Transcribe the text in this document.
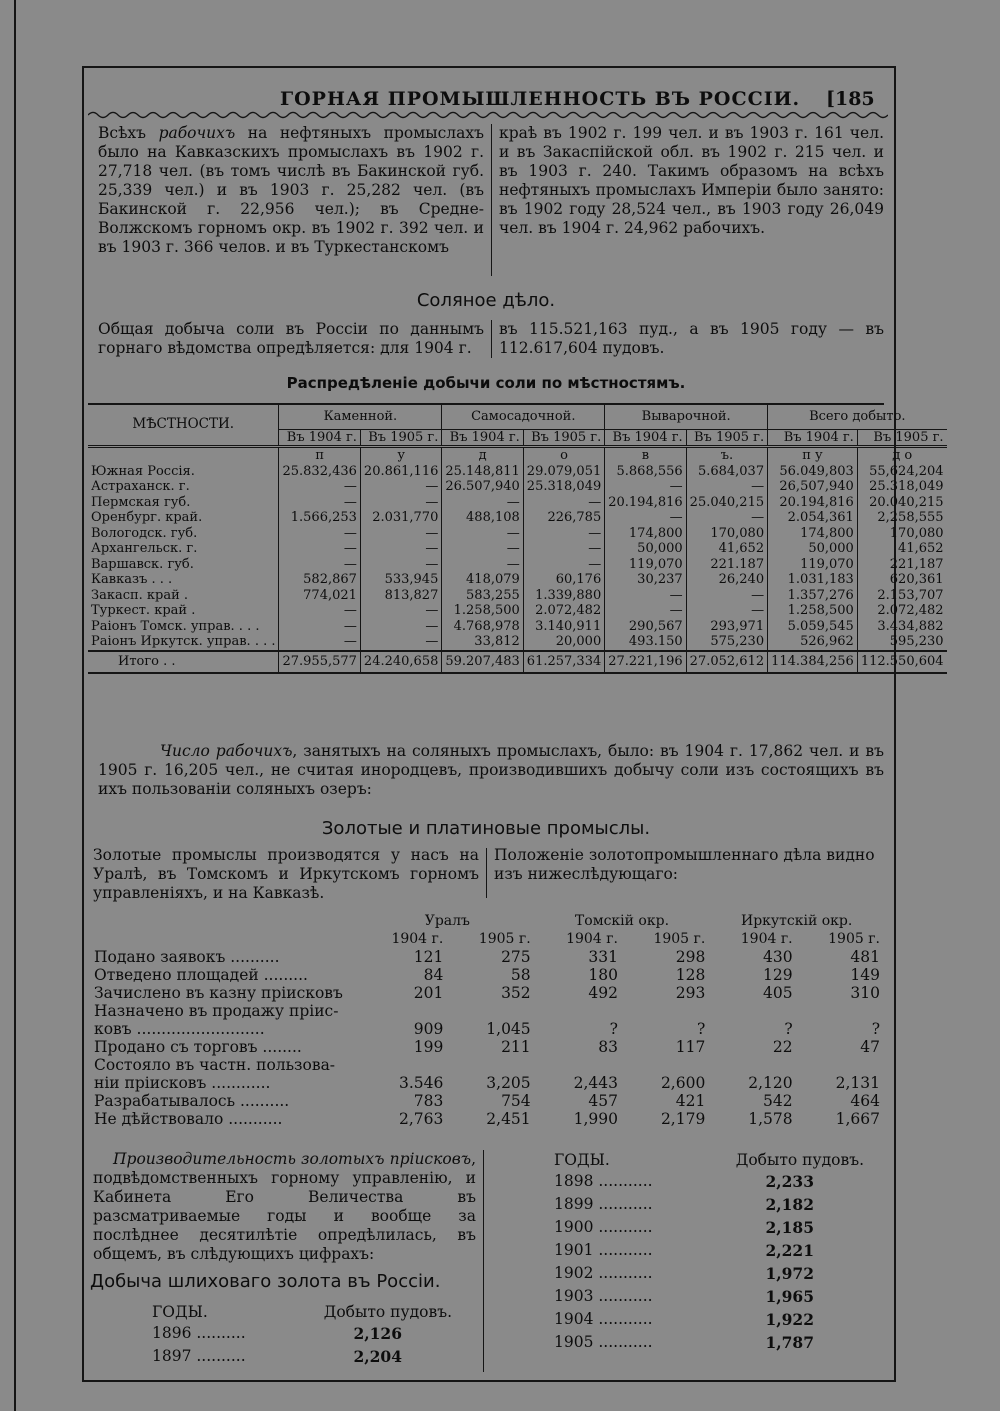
ГОРНАЯ ПРОМЫШЛЕННОСТЬ ВЪ РОССІИ. [185

Всѣхъ рабочихъ на нефтяныхъ промыслахъ было на Кавказскихъ промыслахъ въ 1902 г. 27,718 чел. (въ томъ числѣ въ Бакинской губ. 25,339 чел.) и въ 1903 г. 25,282 чел. (въ Бакинской г. 22,956 чел.); въ Средне-Волжскомъ горномъ окр. въ 1902 г. 392 чел. и въ 1903 г. 366 челов. и въ Туркестанскомъ

краѣ въ 1902 г. 199 чел. и въ 1903 г. 161 чел. и въ Закаспійской обл. въ 1902 г. 215 чел. и въ 1903 г. 240. Такимъ образомъ на всѣхъ нефтяныхъ промыслахъ Имперіи было занято: въ 1902 году 28,524 чел., въ 1903 году 26,049 чел. въ 1904 г. 24,962 рабочихъ.

Соляное дѣло.

Общая добыча соли въ Россіи по даннымъ горнаго вѣдомства опредѣляется: для 1904 г.

въ 115.521,163 пуд., а въ 1905 году — въ 112.617,604 пудовъ.

Распредѣленіе добычи соли по мѣстностямъ.
МѢСТНОСТИ.	Каменной.		Самосадочной.		Выварочной.		Всего добыто.	
	Въ 1904 г.	Въ 1905 г.	Въ 1904 г.	Въ 1905 г.	Въ 1904 г.	Въ 1905 г.	Въ 1904 г.	Въ 1905 г.
	п	у	д	о	в	ъ.	п у	д о
Южная Россія.	25.832,436	20.861,116	25.148,811	29.079,051	5.868,556	5.684,037	56.049,803	55,624,204
Астраханск. г.	—	—	26.507,940	25.318,049	—	—	26,507,940	25.318,049
Пермская губ.	—	—	—	—	20.194,816	25.040,215	20.194,816	20.040,215
Оренбург. край.	1.566,253	2.031,770	488,108	226,785	—	—	2.054,361	2,258,555
Вологодск. губ.	—	—	—	—	174,800	170,080	174,800	170,080
Архангельск. г.	—	—	—	—	50,000	41,652	50,000	41,652
Варшавск. губ.	—	—	—	—	119,070	221.187	119,070	221,187
Кавказъ . . .	582,867	533,945	418,079	60,176	30,237	26,240	1.031,183	620,361
Закасп. край .	774,021	813,827	583,255	1.339,880	—	—	1.357,276	2.153,707
Туркест. край .	—	—	1.258,500	2.072,482	—	—	1.258,500	2.072,482
Раіонъ Томск. управ. . . .	—	—	4.768,978	3.140,911	290,567	293,971	5.059,545	3.434,882
Раіонъ Иркутск. управ. . . .	—	—	33,812	20,000	493.150	575,230	526,962	595,230
Итого . .	27.955,577	24.240,658	59.207,483	61.257,334	27.221,196	27.052,612	114.384,256	112.550,604

Число рабочихъ, занятыхъ на соляныхъ промыслахъ, было: въ 1904 г. 17,862 чел. и въ 1905 г. 16,205 чел., не считая инородцевъ, производившихъ добычу соли изъ состоящихъ въ ихъ пользованіи соляныхъ озеръ:

Золотые и платиновые промыслы.

Золотые промыслы производятся у насъ на Уралѣ, въ Томскомъ и Иркутскомъ горномъ управленіяхъ, и на Кавказѣ.

Положеніе золотопромышленнаго дѣла видно изъ нижеслѣдующаго:

	Уралъ		Томскій окр.		Иркутскій окр.	
	1904 г.	1905 г.	1904 г.	1905 г.	1904 г.	1905 г.
Подано заявокъ ..........	121	275	331	298	430	481
Отведено площадей .........	84	58	180	128	129	149
Зачислено въ казну пріисковъ	201	352	492	293	405	310
Назначено въ продажу пріис-						
ковъ ..........................	909	1,045	?	?	?	?
Продано съ торговъ ........	199	211	83	117	22	47
Состояло въ частн. пользова-						
ніи пріисковъ ............	3.546	3,205	2,443	2,600	2,120	2,131
Разрабатывалось ..........	783	754	457	421	542	464
Не дѣйствовало ...........	2,763	2,451	1,990	2,179	1,578	1,667

Производительность золотыхъ пріисковъ, подвѣдомственныхъ горному управленію, и Кабинета Его Величества въ разсматриваемые годы и вообще за послѣднее десятилѣтіе опредѣлилась, въ общемъ, въ слѣдующихъ цифрахъ:

Добыча шлиховаго золота въ Россіи.
ГОДЫ.	Добыто пудовъ.
1896 ..........	2,126
1897 ..........	2,204
ГОДЫ.	Добыто пудовъ.
1898 ...........	2,233
1899 ...........	2,182
1900 ...........	2,185
1901 ...........	2,221
1902 ...........	1,972
1903 ...........	1,965
1904 ...........	1,922
1905 ...........	1,787
